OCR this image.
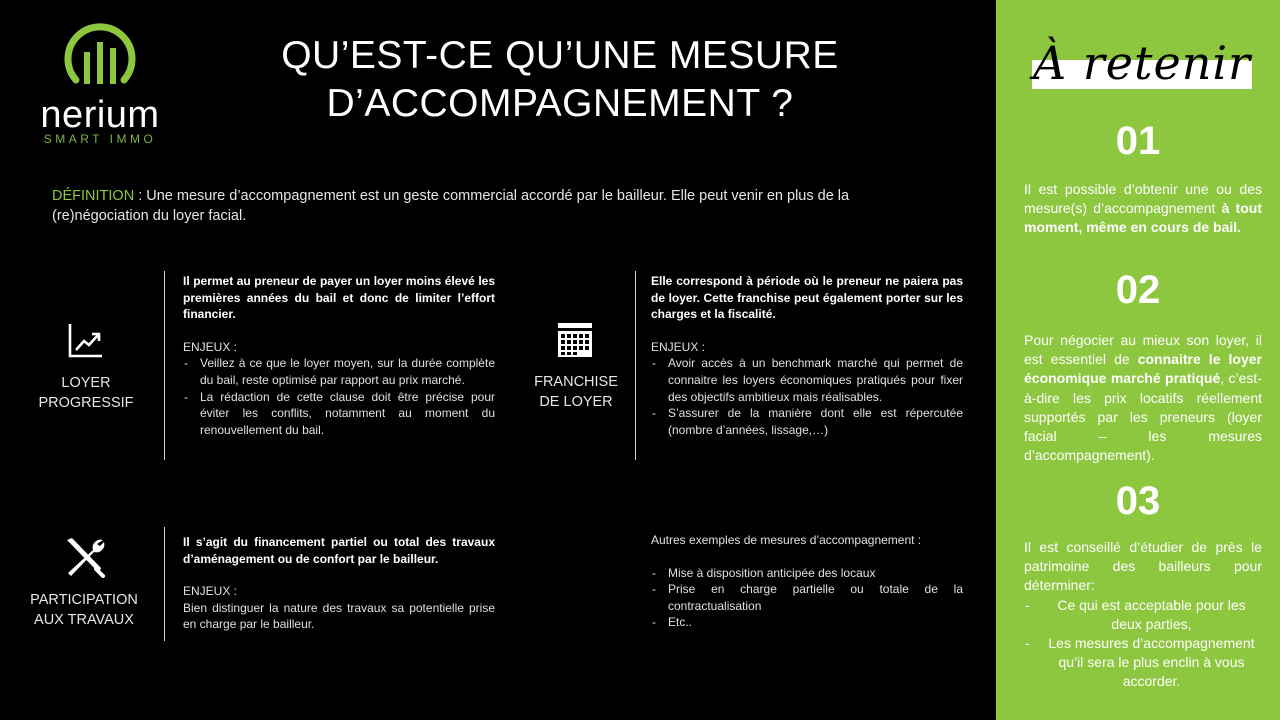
nerium
SMART IMMO
QU’EST-CE QU’UNE MESURE
D’ACCOMPAGNEMENT ?
DÉFINITION : Une mesure d’accompagnement est un geste commercial accordé par le bailleur. Elle peut venir en plus de la (re)négociation du loyer facial.
LOYER
PROGRESSIF
Il permet au preneur de payer un loyer moins élevé les premières années du bail et donc de limiter l’effort financier.
ENJEUX :
- Veillez à ce que le loyer moyen, sur la durée complète du bail, reste optimisé par rapport au prix marché.
- La rédaction de cette clause doit être précise pour éviter les conflits, notamment au moment du renouvellement du bail.
FRANCHISE
DE LOYER
Elle correspond à période où le preneur ne paiera pas de loyer. Cette franchise peut également porter sur les charges et la fiscalité.
ENJEUX :
- Avoir accès à un benchmark marché qui permet de connaitre les loyers économiques pratiqués pour fixer des objectifs ambitieux mais réalisables.
- S’assurer de la manière dont elle est répercutée (nombre d’années, lissage,…)
PARTICIPATION
AUX TRAVAUX
Il s’agit du financement partiel ou total des travaux d’aménagement ou de confort par le bailleur.
ENJEUX :
Bien distinguer la nature des travaux sa potentielle prise en charge par le bailleur.
Autres exemples de mesures d’accompagnement :
- Mise à disposition anticipée des locaux
- Prise en charge partielle ou totale de la contractualisation
- Etc..
À retenir
01
Il est possible d’obtenir une ou des mesure(s) d’accompagnement à tout moment, même en cours de bail.
02
Pour négocier au mieux son loyer, il est essentiel de connaitre le loyer économique marché pratiqué, c’est-à-dire les prix locatifs réellement supportés par les preneurs (loyer facial – les mesures d’accompagnement).
03
Il est conseillé d’étudier de près le patrimoine des bailleurs pour déterminer:
- Ce qui est acceptable pour les deux parties,
- Les mesures d’accompagnement qu’il sera le plus enclin à vous accorder.
